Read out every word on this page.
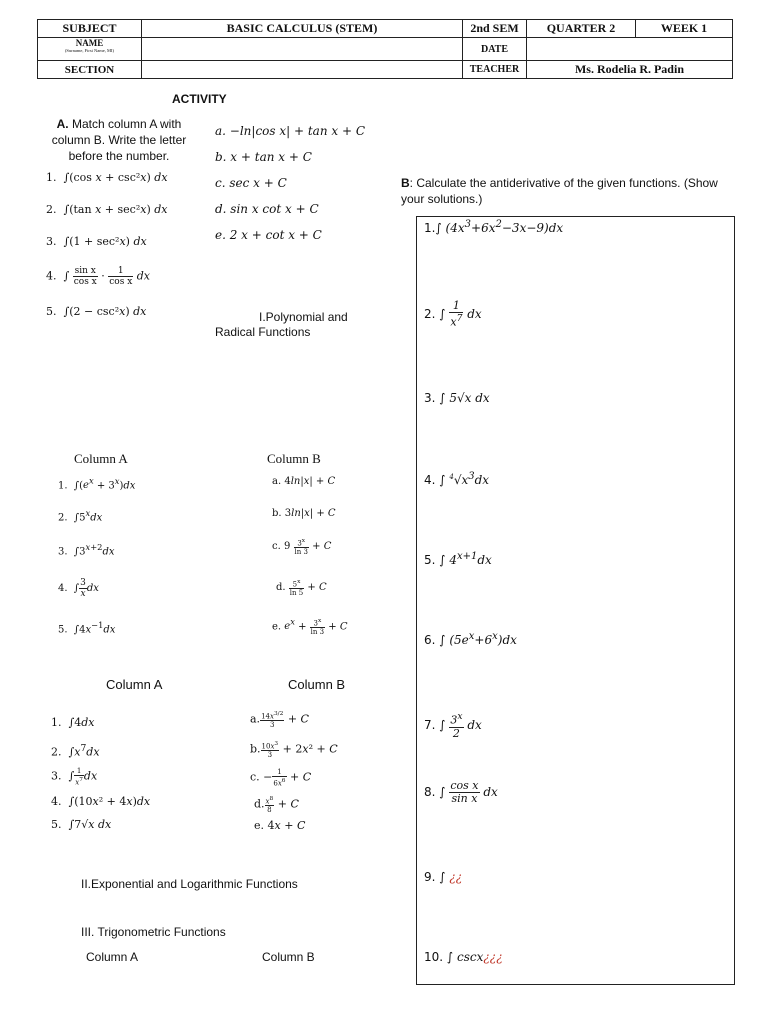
SUBJECT	BASIC CALCULUS (STEM)	2nd SEM	QUARTER 2	WEEK 1
NAME
(Surname, First Name, MI)		DATE		
SECTION		TEACHER	Ms. Rodelia R. Padin	
ACTIVITY
A. Match column A with column B. Write the letter before the number.
1.  ∫(cos x + csc²x) dx
2.  ∫(tan x + sec²x) dx
3.  ∫(1 + sec²x) dx
4.  ∫ $\frac{\text{sin x}}{\text{cos x}} \cdot \frac{1}{\text{cos x}}$ dx
5.  ∫(2 − csc²x) dx
a. −ln|cos x| + tan x + C
b. x + tan x + C
c. sec x + C
d. sin x cot x + C
e. 2 x + cot x + C
I.Polynomial and Radical Functions
Column A	Column B
1.  $\int(e^x + 3^x)dx$
2.  ∫5$^x$dx
3.  $\int 3^{x+2}dx$
4.  ∫ $\frac{3}{x}$ dx
5.  $\int 4x^{-1}dx$
a. 4ln|x| + C
b. 3ln|x| + C
c. $9 \frac{3^x}{\ln 3} + C$
d. $\frac{5^x}{\ln 5} + C$
e. $e^x + \frac{3^x}{\ln 3} + C$
Column A	Column B
1.  ∫4dx
2.  $\int x^7dx$
3.  ∫ $\frac{1}{x^7}$ dx
4.  ∫(10x² + 4x)dx
5.  ∫7√x dx
a. $\frac{14x^{3/2}}{3} + C$
b. $\frac{10x^3}{3} + 2x^2 + C$
c. − $\frac{1}{6x^6} + C$
d. $\frac{x^8}{8} + C$
e. 4x + C
II.Exponential and Logarithmic Functions
III. Trigonometric Functions
Column A	Column B
B: Calculate the antiderivative of the given functions. (Show your solutions.)
1.∫ $(4x^3+6x^2-3x-9)dx$
2. ∫ $\frac{1}{x^7}$ dx
3. ∫ 5√x dx
4. ∫ $^4√x^3dx$
5. ∫ $4^{x+1}dx$
6. ∫ $(5e^x+6^x)dx$
7. ∫ $\frac{3^x}{2}$ dx
8. ∫ $\frac{\text{cos x}}{\text{sin x}}$ dx
9. ∫ ¿¿
10. ∫ cscx¿¿¿
